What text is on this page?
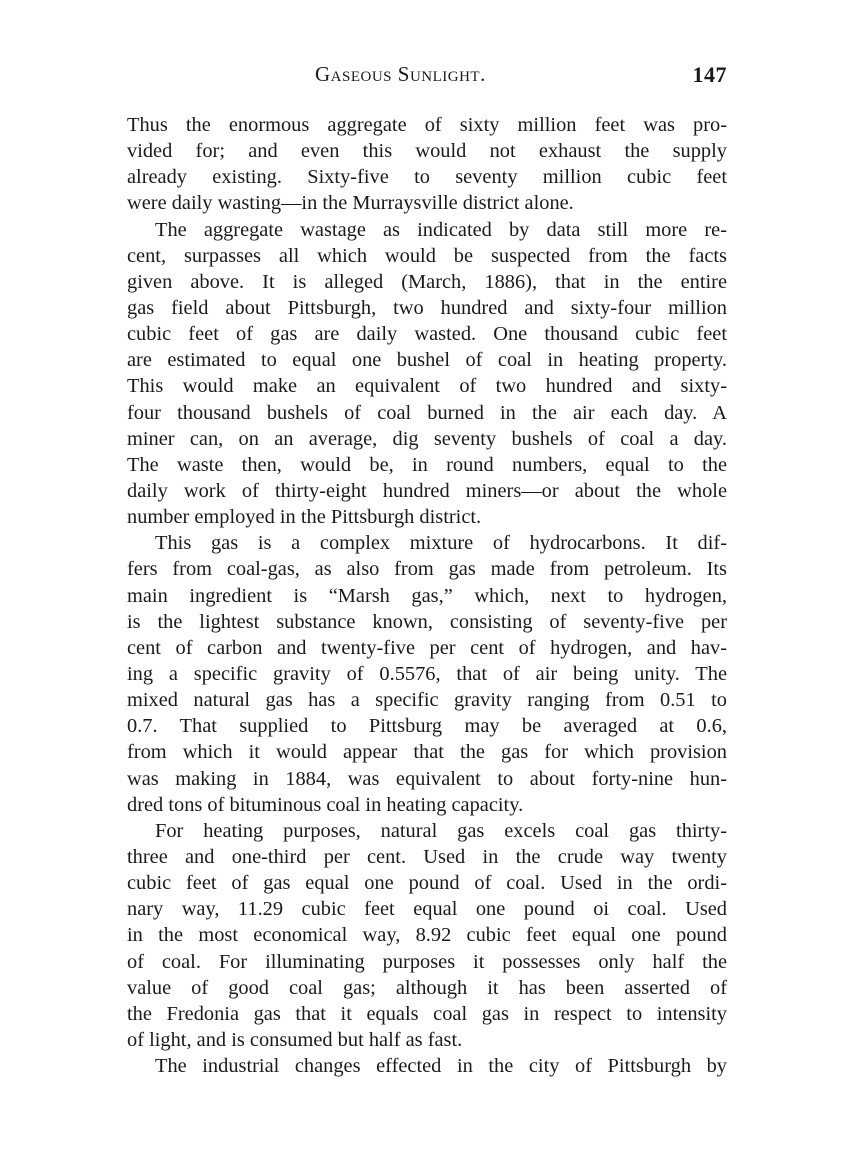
Gaseous Sunlight.	147
Thus the enormous aggregate of sixty million feet was pro-
vided for; and even this would not exhaust the supply
already existing. Sixty-five to seventy million cubic feet
were daily wasting—in the Murraysville district alone.
The aggregate wastage as indicated by data still more re-
cent, surpasses all which would be suspected from the facts
given above. It is alleged (March, 1886), that in the entire
gas field about Pittsburgh, two hundred and sixty-four million
cubic feet of gas are daily wasted. One thousand cubic feet
are estimated to equal one bushel of coal in heating property.
This would make an equivalent of two hundred and sixty-
four thousand bushels of coal burned in the air each day. A
miner can, on an average, dig seventy bushels of coal a day.
The waste then, would be, in round numbers, equal to the
daily work of thirty-eight hundred miners—or about the whole
number employed in the Pittsburgh district.
This gas is a complex mixture of hydrocarbons. It dif-
fers from coal-gas, as also from gas made from petroleum. Its
main ingredient is “Marsh gas,” which, next to hydrogen,
is the lightest substance known, consisting of seventy-five per
cent of carbon and twenty-five per cent of hydrogen, and hav-
ing a specific gravity of 0.5576, that of air being unity. The
mixed natural gas has a specific gravity ranging from 0.51 to
0.7. That supplied to Pittsburg may be averaged at 0.6,
from which it would appear that the gas for which provision
was making in 1884, was equivalent to about forty-nine hun-
dred tons of bituminous coal in heating capacity.
For heating purposes, natural gas excels coal gas thirty-
three and one-third per cent. Used in the crude way twenty
cubic feet of gas equal one pound of coal. Used in the ordi-
nary way, 11.29 cubic feet equal one pound oi coal. Used
in the most economical way, 8.92 cubic feet equal one pound
of coal. For illuminating purposes it possesses only half the
value of good coal gas; although it has been asserted of
the Fredonia gas that it equals coal gas in respect to intensity
of light, and is consumed but half as fast.
The industrial changes effected in the city of Pittsburgh by
